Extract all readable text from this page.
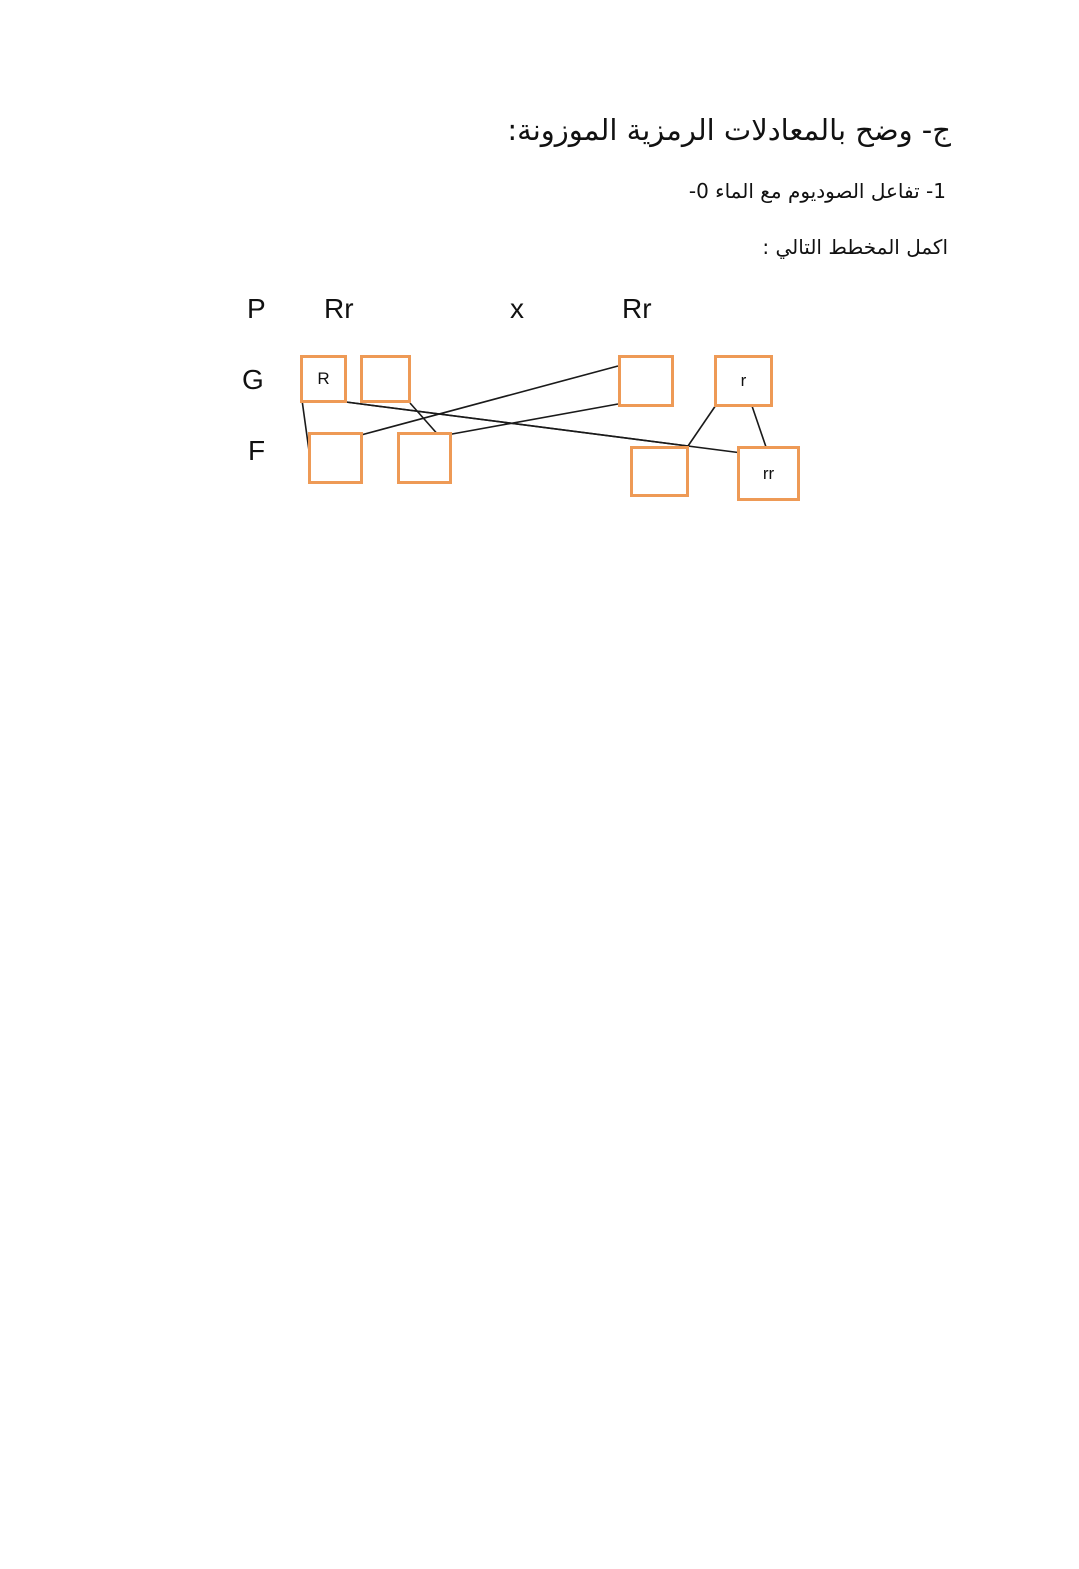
ج- وضح بالمعادلات الرمزية الموزونة:
1- تفاعل الصوديوم مع الماء 0-
اكمل المخطط التالي :
P
G
F
Rr	x	Rr
R	r
rr
